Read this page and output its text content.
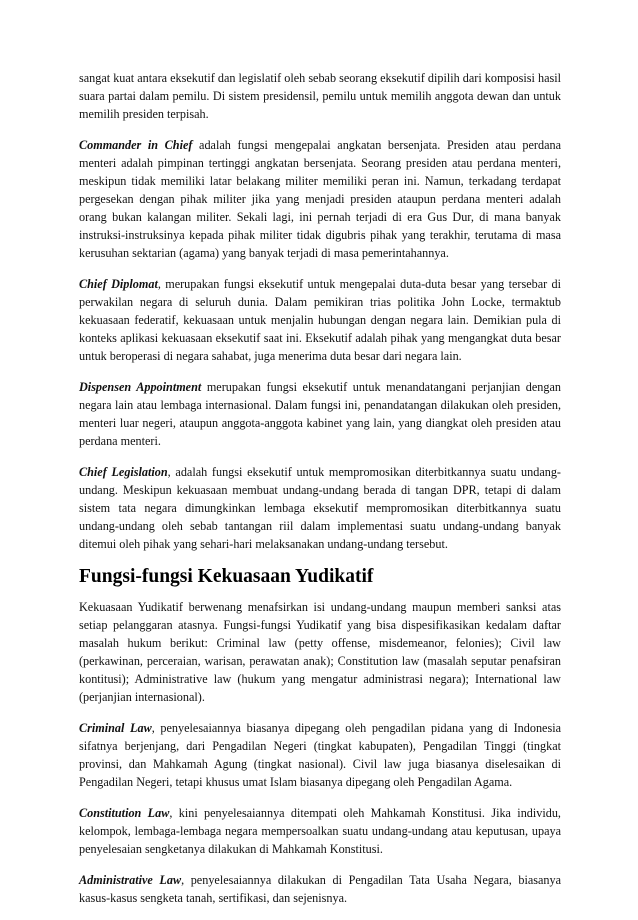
sangat kuat antara eksekutif dan legislatif oleh sebab seorang eksekutif dipilih dari komposisi hasil suara partai dalam pemilu. Di sistem presidensil, pemilu untuk memilih anggota dewan dan untuk memilih presiden terpisah.

Commander in Chief adalah fungsi mengepalai angkatan bersenjata. Presiden atau perdana menteri adalah pimpinan tertinggi angkatan bersenjata. Seorang presiden atau perdana menteri, meskipun tidak memiliki latar belakang militer memiliki peran ini. Namun, terkadang terdapat pergesekan dengan pihak militer jika yang menjadi presiden ataupun perdana menteri adalah orang bukan kalangan militer. Sekali lagi, ini pernah terjadi di era Gus Dur, di mana banyak instruksi-instruksinya kepada pihak militer tidak digubris pihak yang terakhir, terutama di masa kerusuhan sektarian (agama) yang banyak terjadi di masa pemerintahannya.

Chief Diplomat, merupakan fungsi eksekutif untuk mengepalai duta-duta besar yang tersebar di perwakilan negara di seluruh dunia. Dalam pemikiran trias politika John Locke, termaktub kekuasaan federatif, kekuasaan untuk menjalin hubungan dengan negara lain. Demikian pula di konteks aplikasi kekuasaan eksekutif saat ini. Eksekutif adalah pihak yang mengangkat duta besar untuk beroperasi di negara sahabat, juga menerima duta besar dari negara lain.

Dispensen Appointment merupakan fungsi eksekutif untuk menandatangani perjanjian dengan negara lain atau lembaga internasional. Dalam fungsi ini, penandatangan dilakukan oleh presiden, menteri luar negeri, ataupun anggota-anggota kabinet yang lain, yang diangkat oleh presiden atau perdana menteri.

Chief Legislation, adalah fungsi eksekutif untuk mempromosikan diterbitkannya suatu undang-undang. Meskipun kekuasaan membuat undang-undang berada di tangan DPR, tetapi di dalam sistem tata negara dimungkinkan lembaga eksekutif mempromosikan diterbitkannya suatu undang-undang oleh sebab tantangan riil dalam implementasi suatu undang-undang banyak ditemui oleh pihak yang sehari-hari melaksanakan undang-undang tersebut.

Fungsi-fungsi Kekuasaan Yudikatif

Kekuasaan Yudikatif berwenang menafsirkan isi undang-undang maupun memberi sanksi atas setiap pelanggaran atasnya. Fungsi-fungsi Yudikatif yang bisa dispesifikasikan kedalam daftar masalah hukum berikut: Criminal law (petty offense, misdemeanor, felonies); Civil law (perkawinan, perceraian, warisan, perawatan anak); Constitution law (masalah seputar penafsiran kontitusi); Administrative law (hukum yang mengatur administrasi negara); International law (perjanjian internasional).

Criminal Law, penyelesaiannya biasanya dipegang oleh pengadilan pidana yang di Indonesia sifatnya berjenjang, dari Pengadilan Negeri (tingkat kabupaten), Pengadilan Tinggi (tingkat provinsi, dan Mahkamah Agung (tingkat nasional). Civil law juga biasanya diselesaikan di Pengadilan Negeri, tetapi khusus umat Islam biasanya dipegang oleh Pengadilan Agama.

Constitution Law, kini penyelesaiannya ditempati oleh Mahkamah Konstitusi. Jika individu, kelompok, lembaga-lembaga negara mempersoalkan suatu undang-undang atau keputusan, upaya penyelesaian sengketanya dilakukan di Mahkamah Konstitusi.

Administrative Law, penyelesaiannya dilakukan di Pengadilan Tata Usaha Negara, biasanya kasus-kasus sengketa tanah, sertifikasi, dan sejenisnya.
